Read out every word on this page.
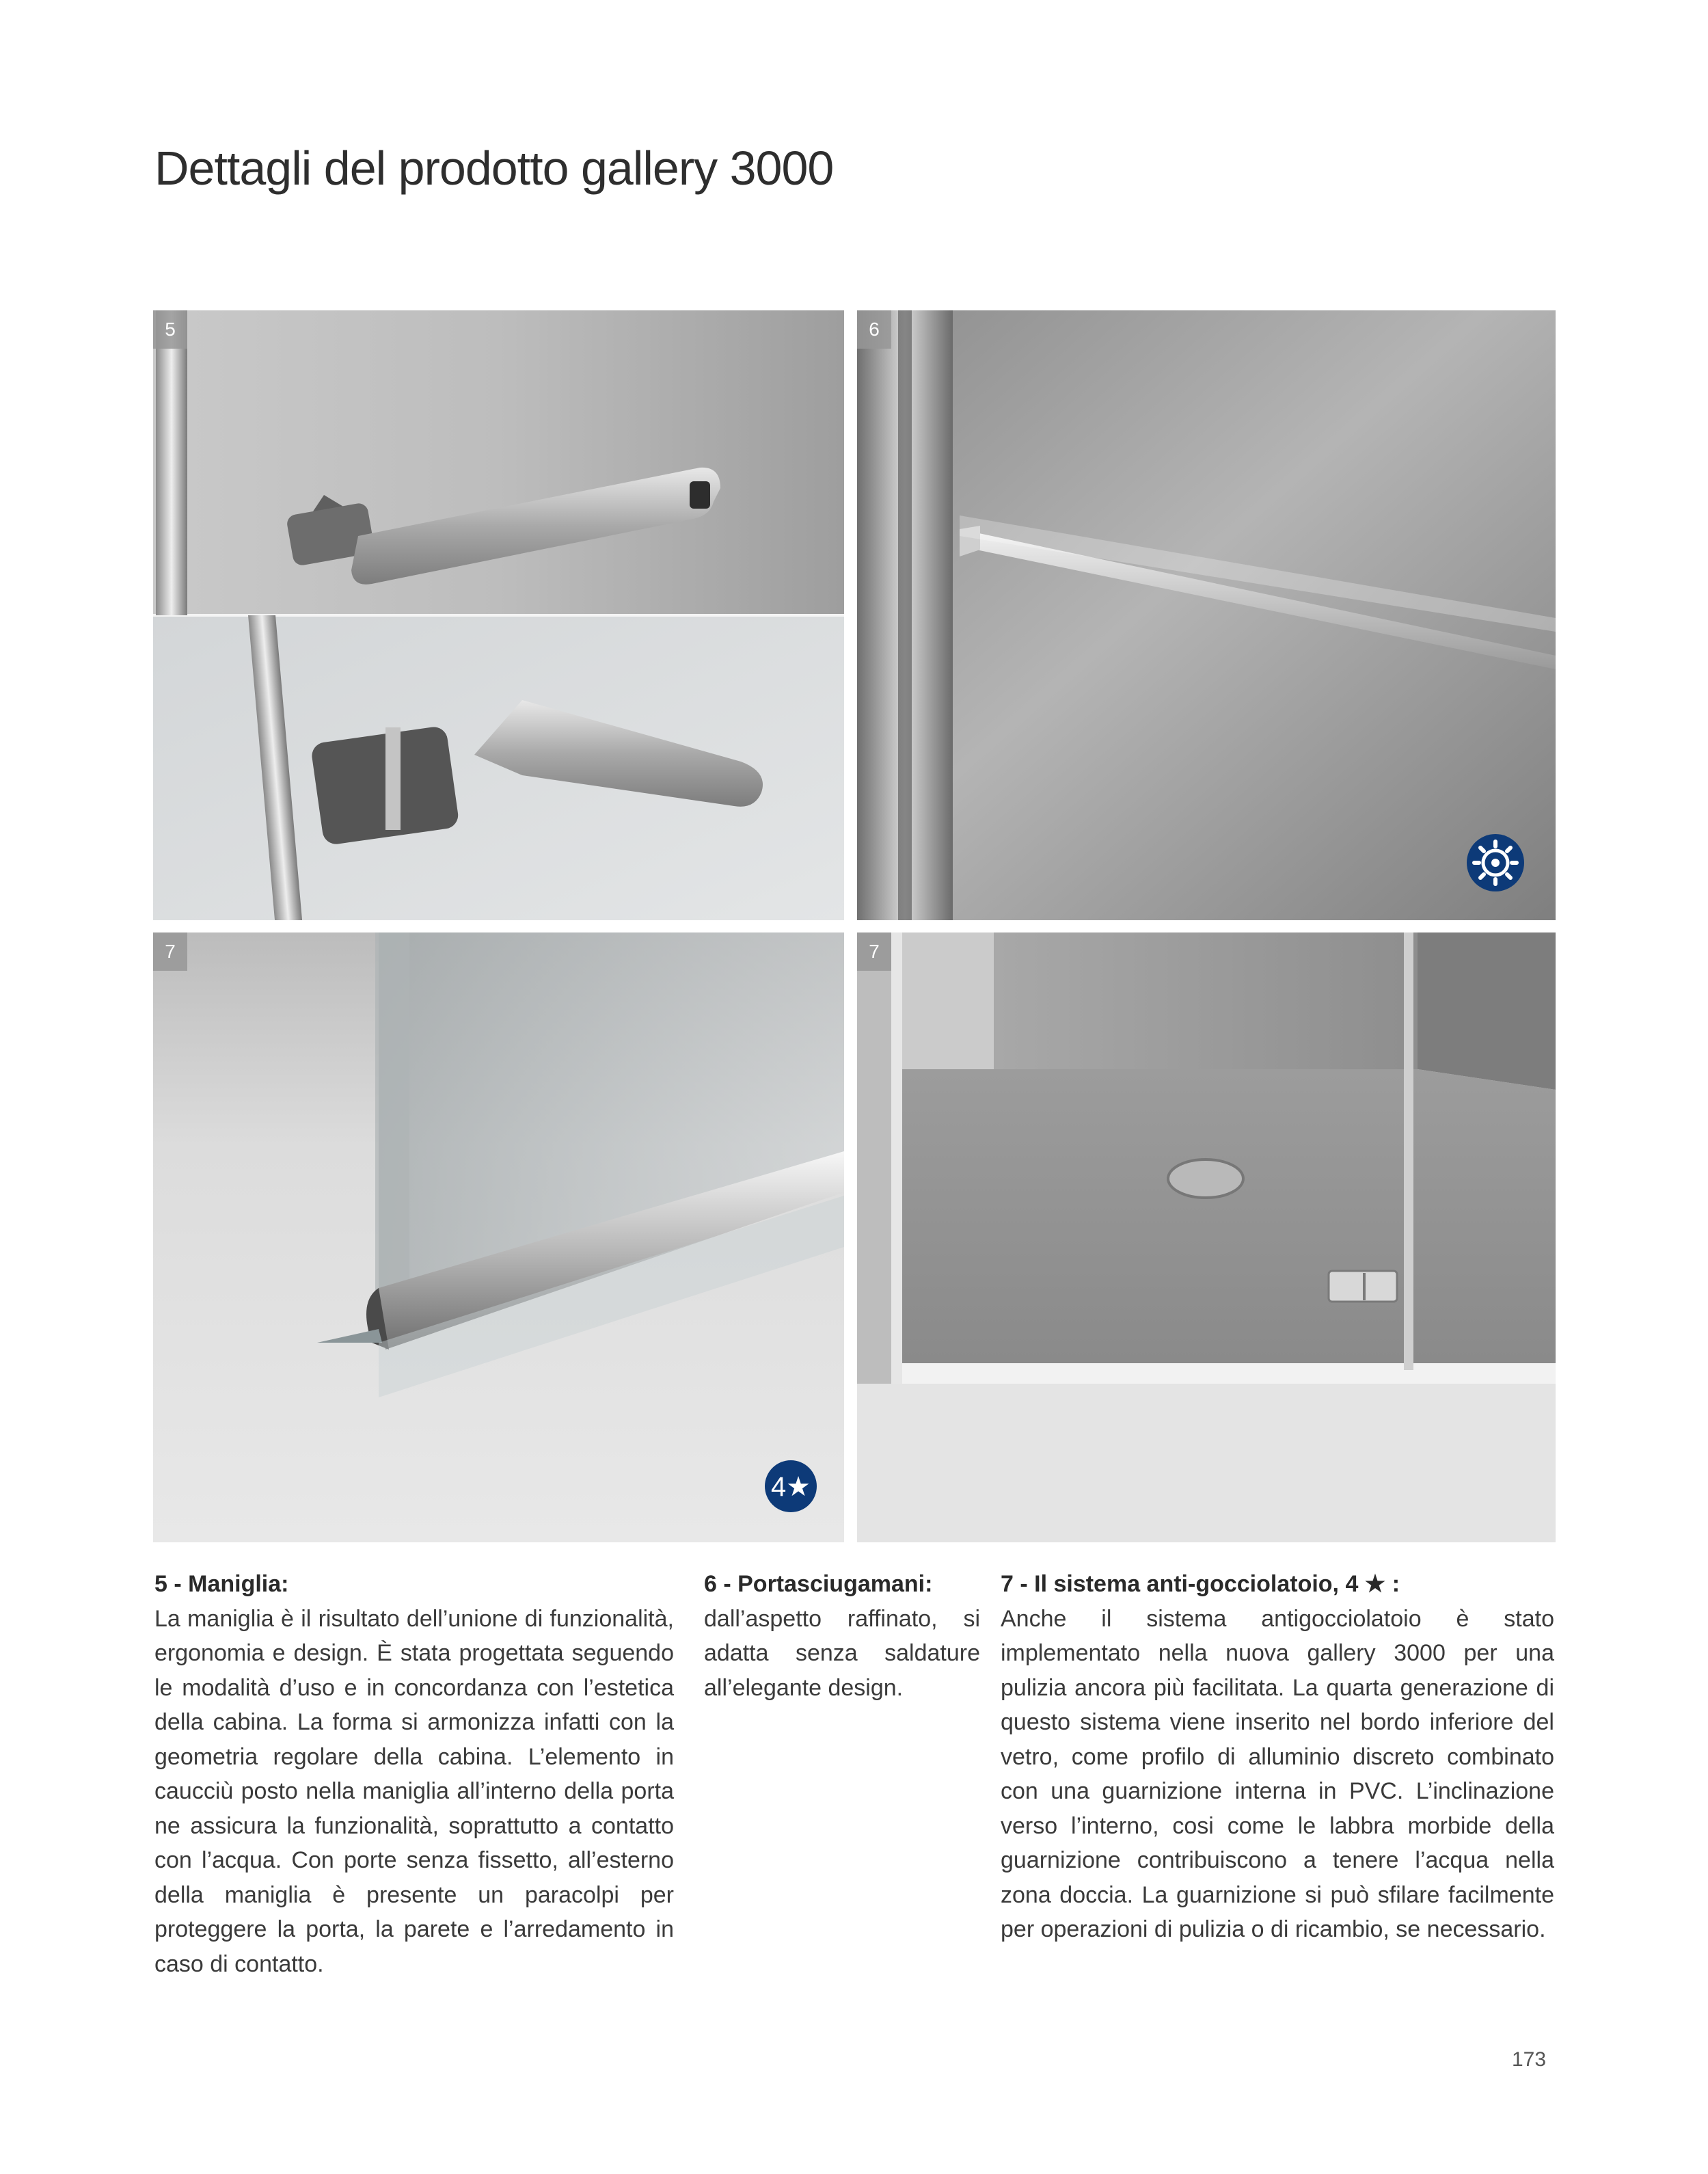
Dettagli del prodotto gallery 3000
5	6
4★
7	7

5 - Maniglia:

La maniglia è il risultato dell’unione di funzionalità, ergonomia e design. È stata progettata seguendo le modalità d’uso e in concordanza con l’estetica della cabina. La forma si armonizza infatti con la geometria regolare della cabina. L’elemento in caucciù posto nella maniglia all’interno della porta ne assicura la funzionalità, soprattutto a contatto con l’acqua. Con porte senza fissetto, all’esterno della maniglia è presente un paracolpi per proteggere la porta, la parete e l’arredamento in caso di contatto.

6 - Portasciugamani:

dall’aspetto raffinato, si adatta senza saldature all’elegante design.

7 - Il sistema anti-gocciolatoio, 4 ★ :

Anche il sistema antigocciolatoio è stato implementato nella nuova gallery 3000 per una pulizia ancora più facilitata. La quarta generazione di questo sistema viene inserito nel bordo inferiore del vetro, come profilo di alluminio discreto combinato con una guarnizione interna in PVC. L’inclinazione verso l’interno, cosi come le labbra morbide della guarnizione contribuiscono a tenere l’acqua nella zona doccia. La guarnizione si può sfilare facilmente per operazioni di pulizia o di ricambio, se necessario.

173
